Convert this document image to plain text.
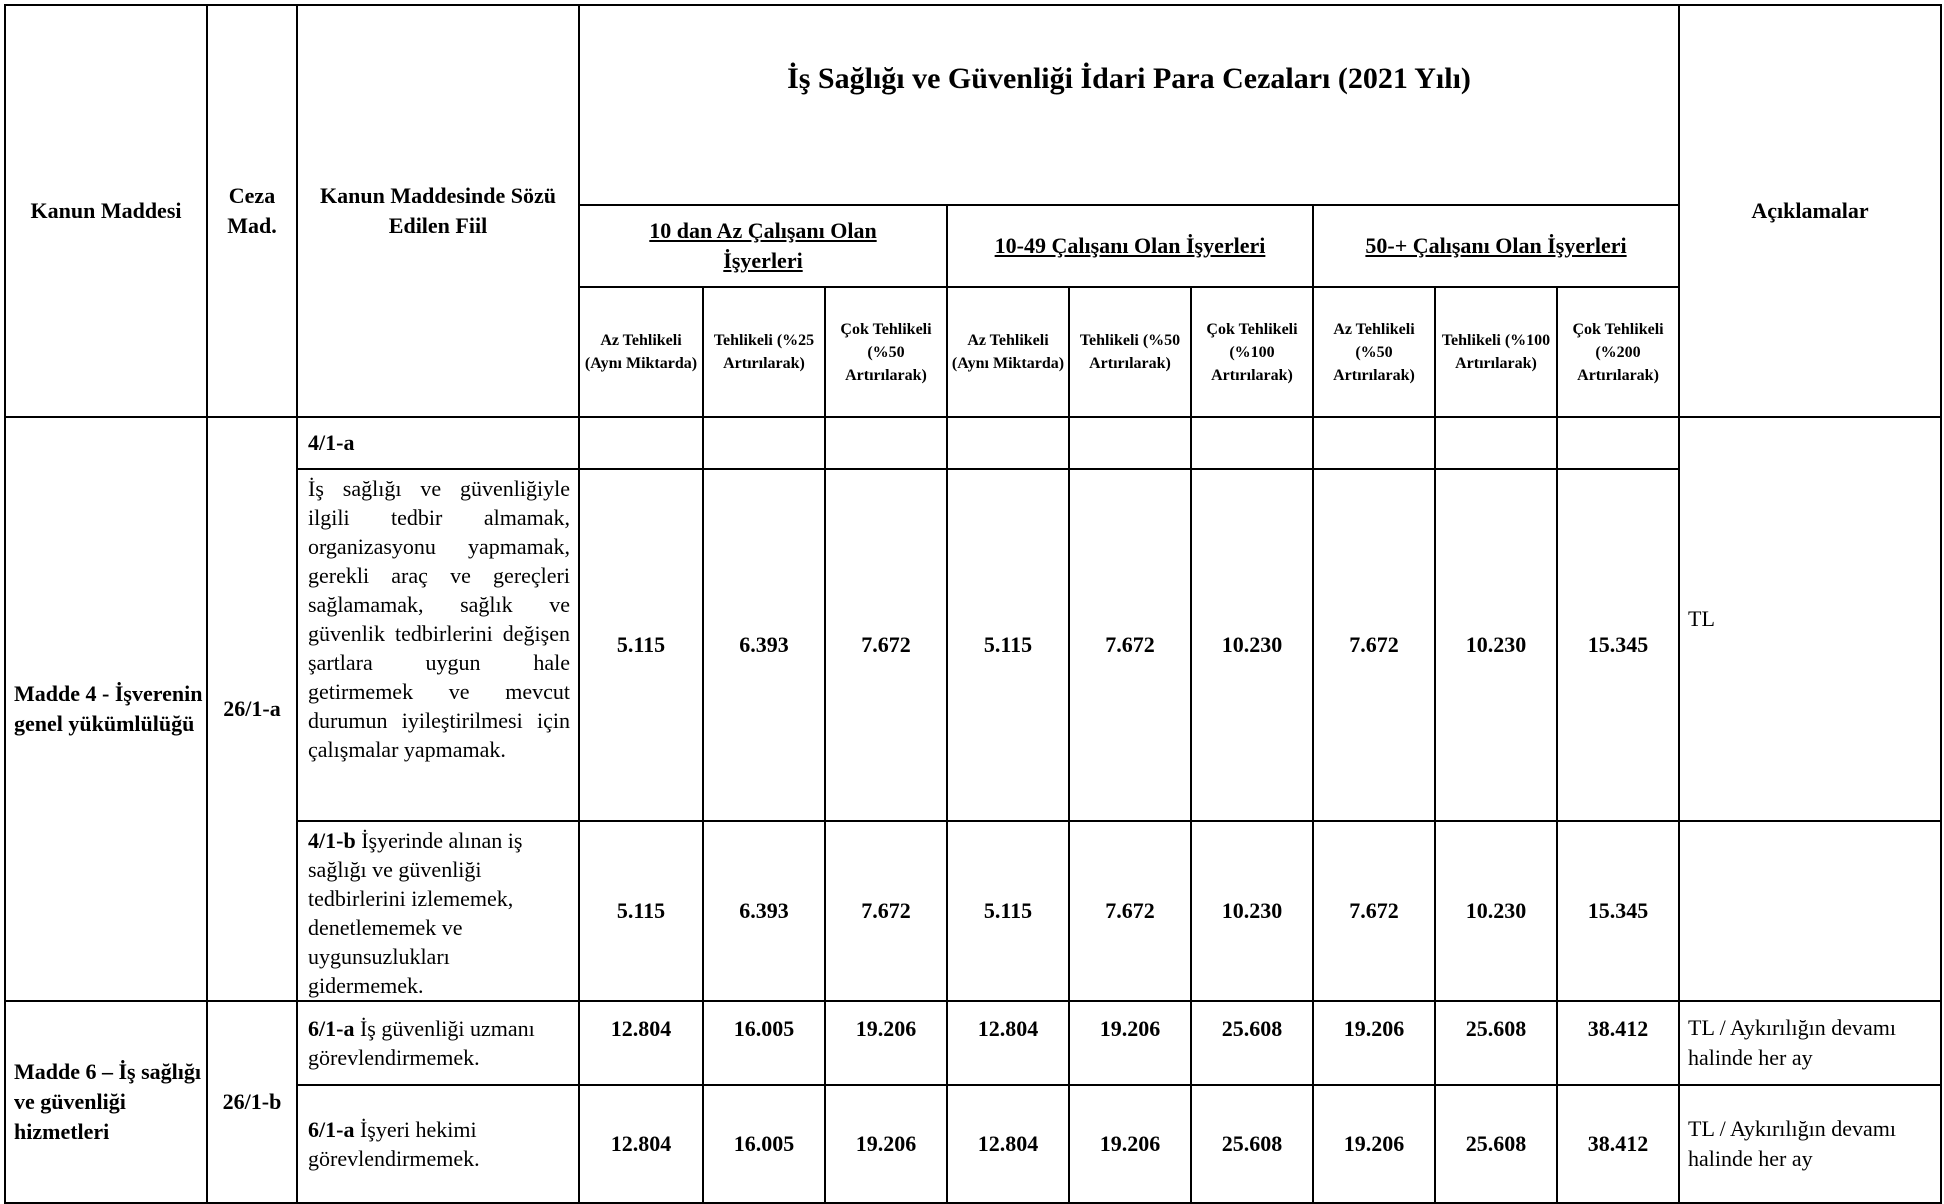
Kanun Maddesi	Ceza Mad.	Kanun Maddesinde Sözü Edilen Fiil	İş Sağlığı ve Güvenliği İdari Para Cezaları (2021 Yılı)									Açıklamalar
			10 dan Az Çalışanı Olan İşyerleri			10-49 Çalışanı Olan İşyerleri			50-+ Çalışanı Olan İşyerleri			
			Az Tehlikeli (Aynı Miktarda)	Tehlikeli (%25 Artırılarak)	Çok Tehlikeli (%50 Artırılarak)	Az Tehlikeli (Aynı Miktarda)	Tehlikeli (%50 Artırılarak)	Çok Tehlikeli (%100 Artırılarak)	Az Tehlikeli (%50 Artırılarak)	Tehlikeli (%100 Artırılarak)	Çok Tehlikeli (%200 Artırılarak)	
Madde 4 - İşverenin genel yükümlülüğü	26/1-a	4/1-a										TL
		İş sağlığı ve güvenliğiyle ilgili tedbir almamak, organizasyonu yapmamak, gerekli araç ve gereçleri sağlamamak, sağlık ve güvenlik tedbirlerini değişen şartlara uygun hale getirmemek ve mevcut durumun iyileştirilmesi için çalışmalar yapmamak.	5.115	6.393	7.672	5.115	7.672	10.230	7.672	10.230	15.345	
		4/1-b İşyerinde alınan iş sağlığı ve güvenliği tedbirlerini izlememek, denetlememek ve uygunsuzlukları gidermemek.	5.115	6.393	7.672	5.115	7.672	10.230	7.672	10.230	15.345	
Madde 6 – İş sağlığı ve güvenliği hizmetleri	26/1-b	6/1-a İş güvenliği uzmanı görevlendirmemek.	12.804	16.005	19.206	12.804	19.206	25.608	19.206	25.608	38.412	TL / Aykırılığın devamı halinde her ay
		6/1-a İşyeri hekimi görevlendirmemek.	12.804	16.005	19.206	12.804	19.206	25.608	19.206	25.608	38.412	TL / Aykırılığın devamı halinde her ay
